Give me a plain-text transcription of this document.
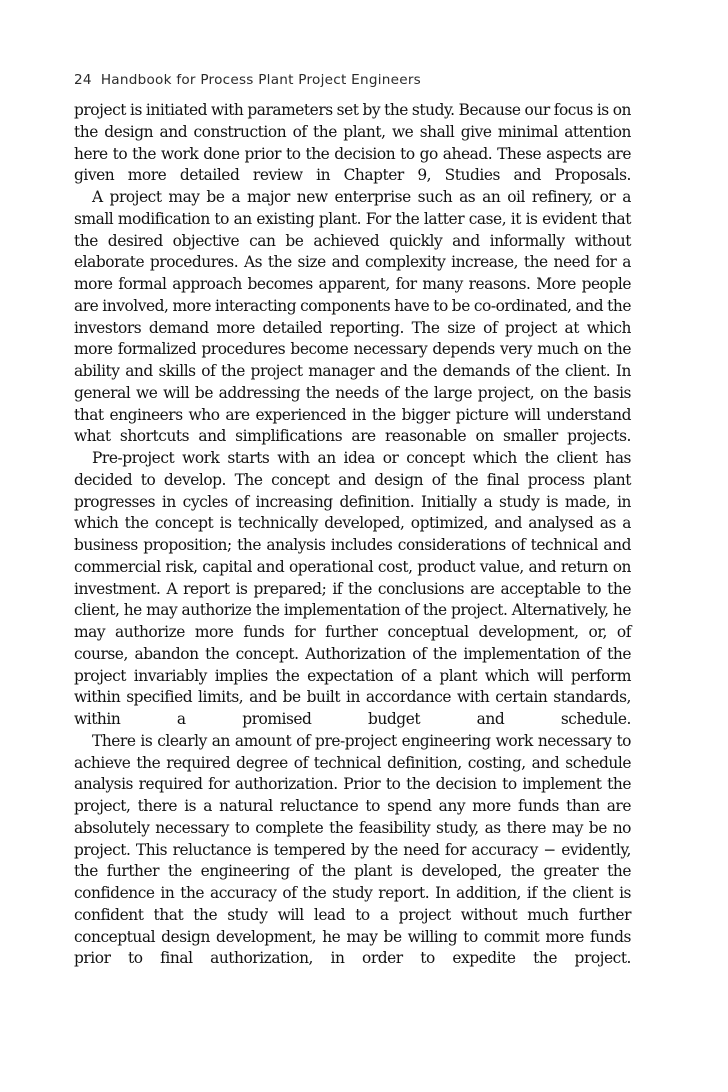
24 Handbook for Process Plant Project Engineers

project is initiated with parameters set by the study. Because our focus is on the design and construction of the plant, we shall give minimal attention here to the work done prior to the decision to go ahead. These aspects are given more detailed review in Chapter 9, Studies and Proposals.

A project may be a major new enterprise such as an oil refinery, or a small modification to an existing plant. For the latter case, it is evident that the desired objective can be achieved quickly and informally without elaborate procedures. As the size and complexity increase, the need for a more formal approach becomes apparent, for many reasons. More people are involved, more interacting components have to be co-ordinated, and the investors demand more detailed reporting. The size of project at which more formalized procedures become necessary depends very much on the ability and skills of the project manager and the demands of the client. In general we will be addressing the needs of the large project, on the basis that engineers who are experienced in the bigger picture will understand what shortcuts and simplifications are reasonable on smaller projects.

Pre-project work starts with an idea or concept which the client has decided to develop. The concept and design of the final process plant progresses in cycles of increasing definition. Initially a study is made, in which the concept is technically developed, optimized, and analysed as a business proposition; the analysis includes considerations of technical and commercial risk, capital and operational cost, product value, and return on investment. A report is prepared; if the conclusions are acceptable to the client, he may authorize the implementation of the project. Alternatively, he may authorize more funds for further conceptual development, or, of course, abandon the concept. Authorization of the implementation of the project invariably implies the expectation of a plant which will perform within specified limits, and be built in accordance with certain standards, within a promised budget and schedule.

There is clearly an amount of pre-project engineering work necessary to achieve the required degree of technical definition, costing, and schedule analysis required for authorization. Prior to the decision to implement the project, there is a natural reluctance to spend any more funds than are absolutely necessary to complete the feasibility study, as there may be no project. This reluctance is tempered by the need for accuracy − evidently, the further the engineering of the plant is developed, the greater the confidence in the accuracy of the study report. In addition, if the client is confident that the study will lead to a project without much further conceptual design development, he may be willing to commit more funds prior to final authorization, in order to expedite the project.
